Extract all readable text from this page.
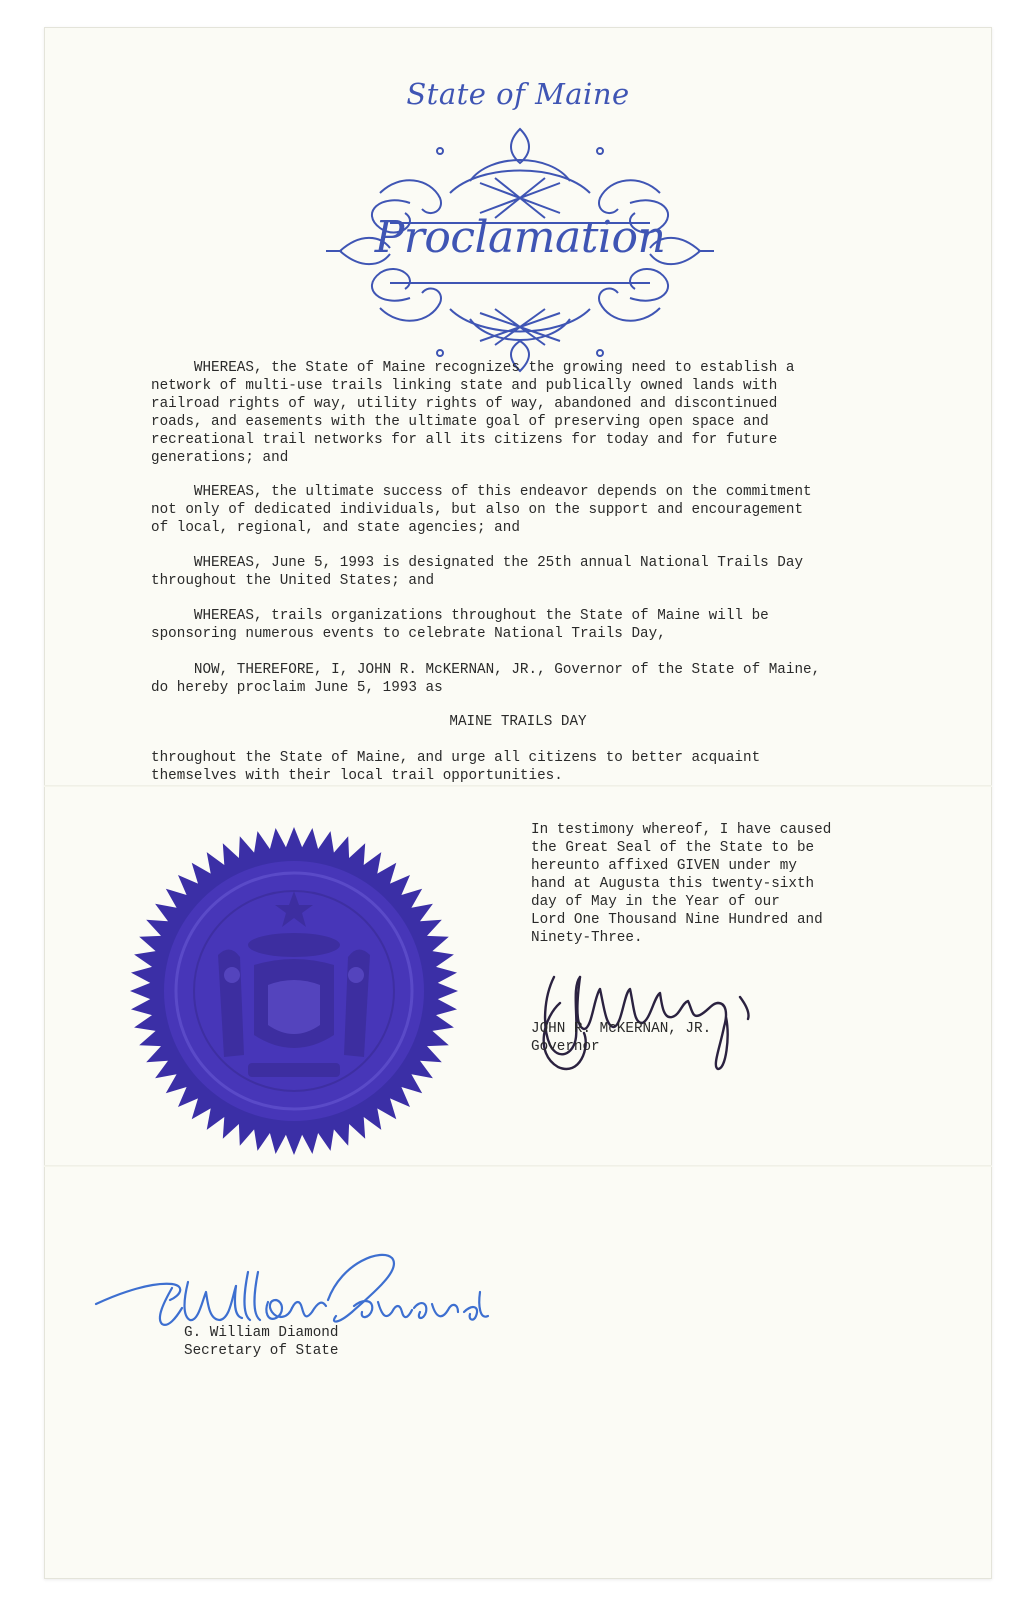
State of Maine
Proclamation

WHEREAS, the State of Maine recognizes the growing need to establish a
network of multi-use trails linking state and publically owned lands with
railroad rights of way, utility rights of way, abandoned and discontinued
roads, and easements with the ultimate goal of preserving open space and
recreational trail networks for all its citizens for today and for future
generations; and

WHEREAS, the ultimate success of this endeavor depends on the commitment
not only of dedicated individuals, but also on the support and encouragement
of local, regional, and state agencies; and

WHEREAS, June 5, 1993 is designated the 25th annual National Trails Day
throughout the United States; and

WHEREAS, trails organizations throughout the State of Maine will be
sponsoring numerous events to celebrate National Trails Day,

NOW, THEREFORE, I, JOHN R. McKERNAN, JR., Governor of the State of Maine,
do hereby proclaim June 5, 1993 as

MAINE TRAILS DAY

throughout the State of Maine, and urge all citizens to better acquaint
themselves with their local trail opportunities.

In testimony whereof, I have caused
the Great Seal of the State to be
hereunto affixed GIVEN under my
hand at Augusta this twenty-sixth
day of May in the Year of our
Lord One Thousand Nine Hundred and
Ninety-Three.

JOHN R. McKERNAN, JR.

Governor

G. William Diamond

Secretary of State
